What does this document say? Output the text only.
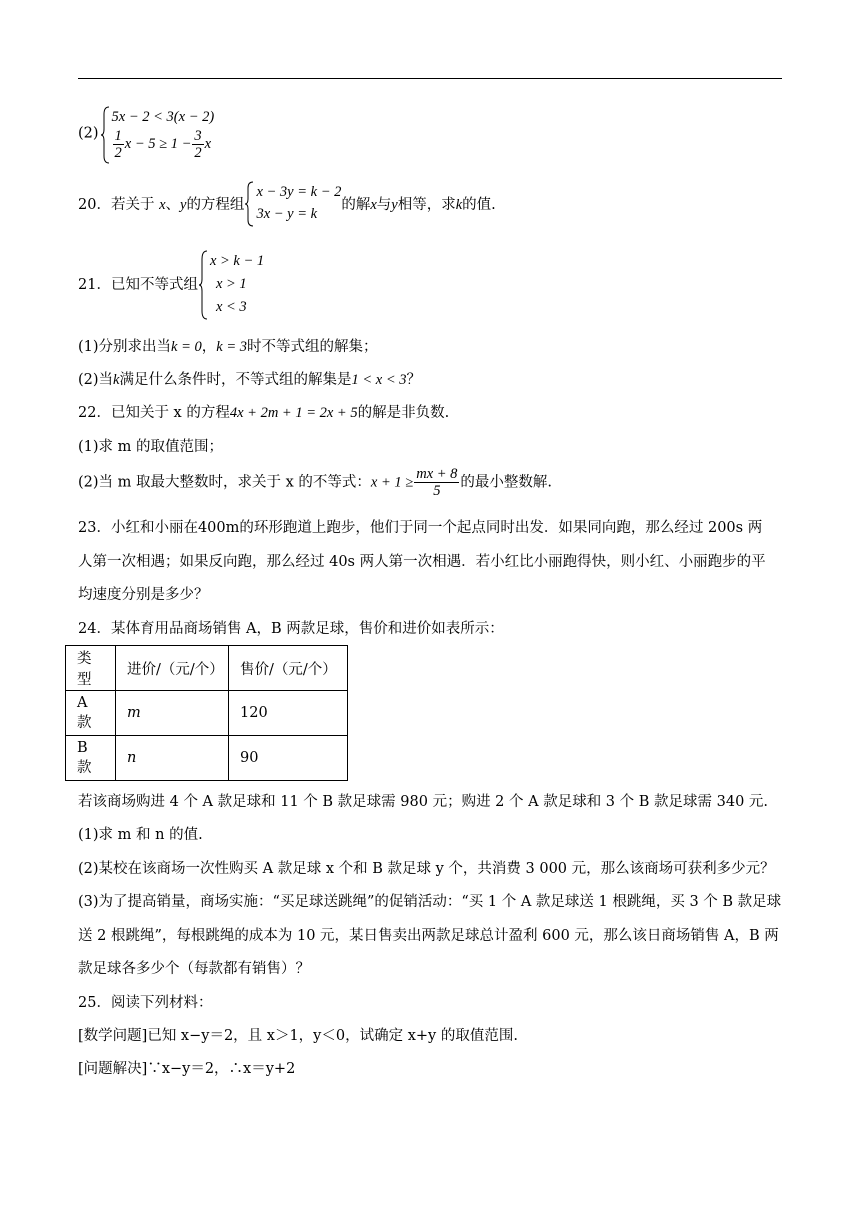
(2)
5x − 2 < 3(x − 2)
$\frac{1}{2}$ $x - 5 \ge 1 - \frac{3}{2}$ x
20．若关于 x、y的方程组
x − 3y = k − 2
3x − y = k
的解x与y相等，求k的值.
21．已知不等式组
x > k − 1
x > 1
x < 3
(1)分别求出当k = 0，k = 3时不等式组的解集；
(2)当k满足什么条件时，不等式组的解集是1 < x < 3？
22．已知关于 x 的方程4x + 2m + 1 = 2x + 5的解是非负数.
(1)求 m 的取值范围；
(2)当 m 取最大整数时，求关于 x 的不等式：$x + 1 \ge \frac{mx + 8}{5}$ 的最小整数解.
23．小红和小丽在400m的环形跑道上跑步，他们于同一个起点同时出发．如果同向跑，那么经过 200s 两
人第一次相遇；如果反向跑，那么经过 40s 两人第一次相遇．若小红比小丽跑得快，则小红、小丽跑步的平
均速度分别是多少？
24．某体育用品商场销售 A，B 两款足球，售价和进价如表所示：
类型	进价/（元/个）	售价/（元/个）
A 款	m	120
B 款	n	90
若该商场购进 4 个 A 款足球和 11 个 B 款足球需 980 元；购进 2 个 A 款足球和 3 个 B 款足球需 340 元.
(1)求 m 和 n 的值.
(2)某校在该商场一次性购买 A 款足球 x 个和 B 款足球 y 个，共消费 3 000 元，那么该商场可获利多少元？
(3)为了提高销量，商场实施：“买足球送跳绳”的促销活动：“买 1 个 A 款足球送 1 根跳绳，买 3 个 B 款足球
送 2 根跳绳”，每根跳绳的成本为 10 元，某日售卖出两款足球总计盈利 600 元，那么该日商场销售 A，B 两
款足球各多少个（每款都有销售）？
25．阅读下列材料：
[数学问题]已知 x−y＝2，且 x＞1，y＜0，试确定 x+y 的取值范围.
[问题解决]∵x−y＝2，∴x＝y+2
